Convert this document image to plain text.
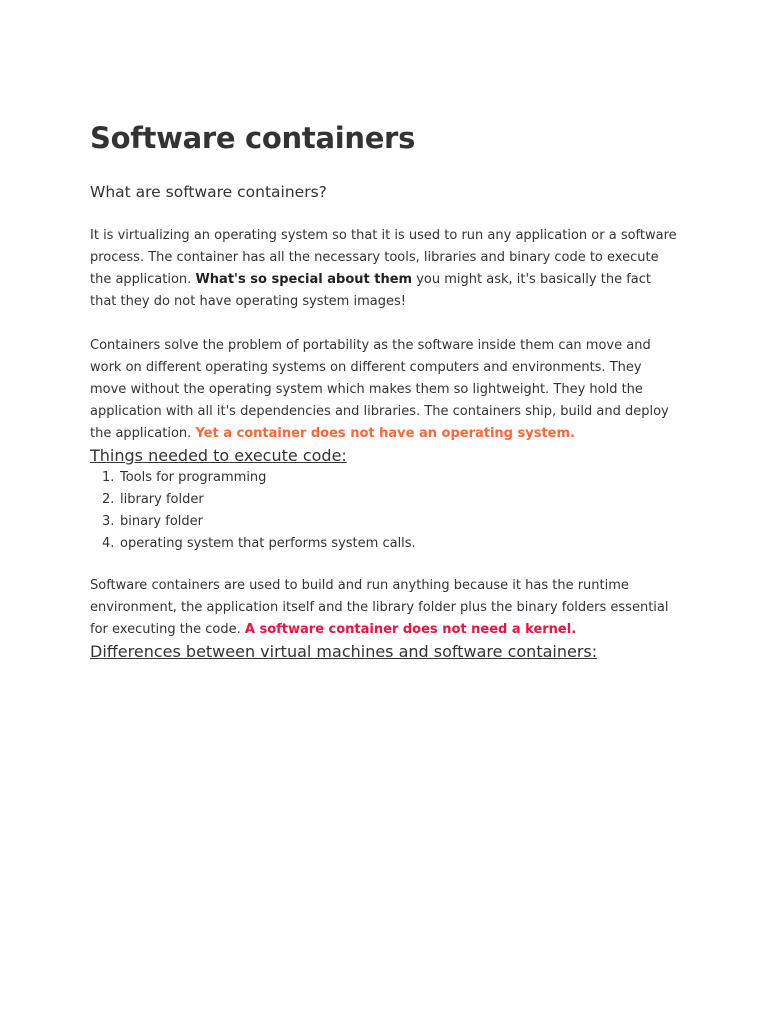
Software containers
What are software containers?

It is virtualizing an operating system so that it is used to run any application or a software process. The container has all the necessary tools, libraries and binary code to execute the application. What's so special about them you might ask, it's basically the fact that they do not have operating system images!

Containers solve the problem of portability as the software inside them can move and work on different operating systems on different computers and environments. They move without the operating system which makes them so lightweight. They hold the application with all it's dependencies and libraries. The containers ship, build and deploy the application. Yet a container does not have an operating system.

Things needed to execute code:
1. Tools for programming
2. library folder
3. binary folder
4. operating system that performs system calls.

Software containers are used to build and run anything because it has the runtime environment, the application itself and the library folder plus the binary folders essential for executing the code. A software container does not need a kernel.

Differences between virtual machines and software containers:
